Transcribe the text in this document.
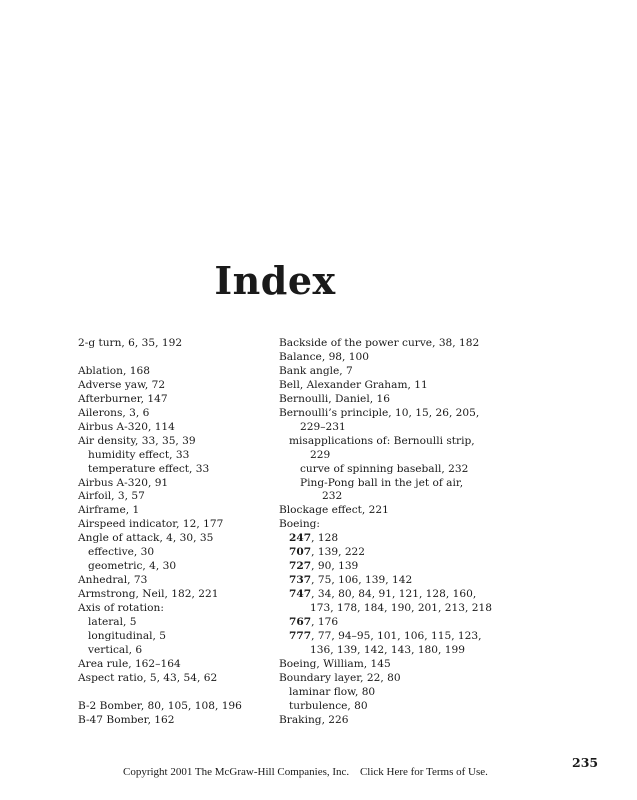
Index
2-g turn, 6, 35, 192
Ablation, 168
Adverse yaw, 72
Afterburner, 147
Ailerons, 3, 6
Airbus A-320, 114
Air density, 33, 35, 39
humidity effect, 33
temperature effect, 33
Airbus A-320, 91
Airfoil, 3, 57
Airframe, 1
Airspeed indicator, 12, 177
Angle of attack, 4, 30, 35
effective, 30
geometric, 4, 30
Anhedral, 73
Armstrong, Neil, 182, 221
Axis of rotation:
lateral, 5
longitudinal, 5
vertical, 6
Area rule, 162–164
Aspect ratio, 5, 43, 54, 62
B-2 Bomber, 80, 105, 108, 196
B-47 Bomber, 162
Backside of the power curve, 38, 182
Balance, 98, 100
Bank angle, 7
Bell, Alexander Graham, 11
Bernoulli, Daniel, 16
Bernoulli’s principle, 10, 15, 26, 205,
229–231
misapplications of: Bernoulli strip,
229
curve of spinning baseball, 232
Ping-Pong ball in the jet of air,
232
Blockage effect, 221
Boeing:
247, 128
707, 139, 222
727, 90, 139
737, 75, 106, 139, 142
747, 34, 80, 84, 91, 121, 128, 160,
173, 178, 184, 190, 201, 213, 218
767, 176
777, 77, 94–95, 101, 106, 115, 123,
136, 139, 142, 143, 180, 199
Boeing, William, 145
Boundary layer, 22, 80
laminar flow, 80
turbulence, 80
Braking, 226
235
Copyright 2001 The McGraw-Hill Companies, Inc. Click Here for Terms of Use.
